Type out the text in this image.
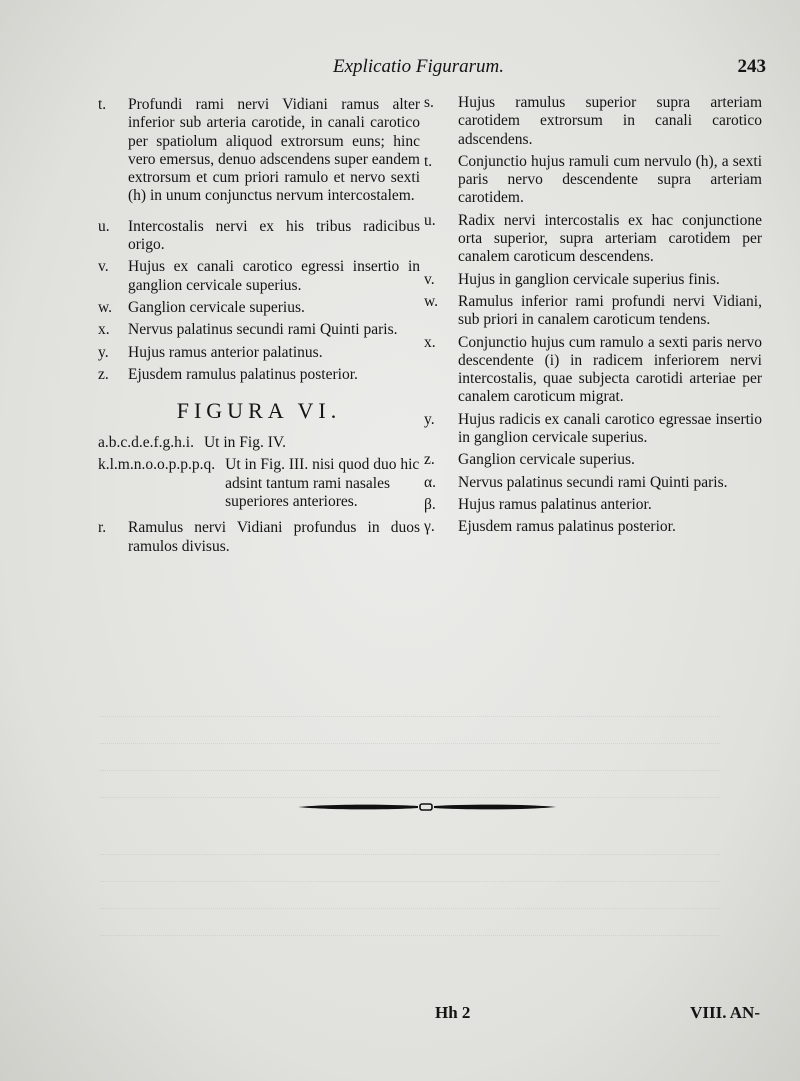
Explicatio Figurarum.	243
t.	Profundi rami nervi Vidiani ramus alter inferior sub arteria carotide, in canali carotico per spatiolum aliquod extrorsum euns; hinc vero emersus, denuo adscendens super eandem extrorsum et cum priori ramulo et nervo sexti (h) in unum conjunctus nervum intercostalem.
u.	Intercostalis nervi ex his tribus radicibus origo.
v.	Hujus ex canali carotico egressi insertio in ganglion cervicale superius.
w.	Ganglion cervicale superius.
x.	Nervus palatinus secundi rami Quinti paris.
y.	Hujus ramus anterior palatinus.
z.	Ejusdem ramulus palatinus posterior.
FIGURA VI.
a.b.c.d.e.f.g.h.i. Ut in Fig. IV.
k.l.m.n.o.o.p.p.p.q. Ut in Fig. III. nisi quod duo hic adsint tantum rami nasales superiores anteriores.
r.	Ramulus nervi Vidiani profundus in duos ramulos divisus.
s.	Hujus ramulus superior supra arteriam carotidem extrorsum in canali carotico adscendens.
t.	Conjunctio hujus ramuli cum nervulo (h), a sexti paris nervo descendente supra arteriam carotidem.
u.	Radix nervi intercostalis ex hac conjunctione orta superior, supra arteriam carotidem per canalem caroticum descendens.
v.	Hujus in ganglion cervicale superius finis.
w.	Ramulus inferior rami profundi nervi Vidiani, sub priori in canalem caroticum tendens.
x.	Conjunctio hujus cum ramulo a sexti paris nervo descendente (i) in radicem inferiorem nervi intercostalis, quae subjecta carotidi arteriae per canalem caroticum migrat.
y.	Hujus radicis ex canali carotico egressae insertio in ganglion cervicale superius.
z.	Ganglion cervicale superius.
α.	Nervus palatinus secundi rami Quinti paris.
β.	Hujus ramus palatinus anterior.
γ.	Ejusdem ramus palatinus posterior.
Hh 2	VIII. AN-
